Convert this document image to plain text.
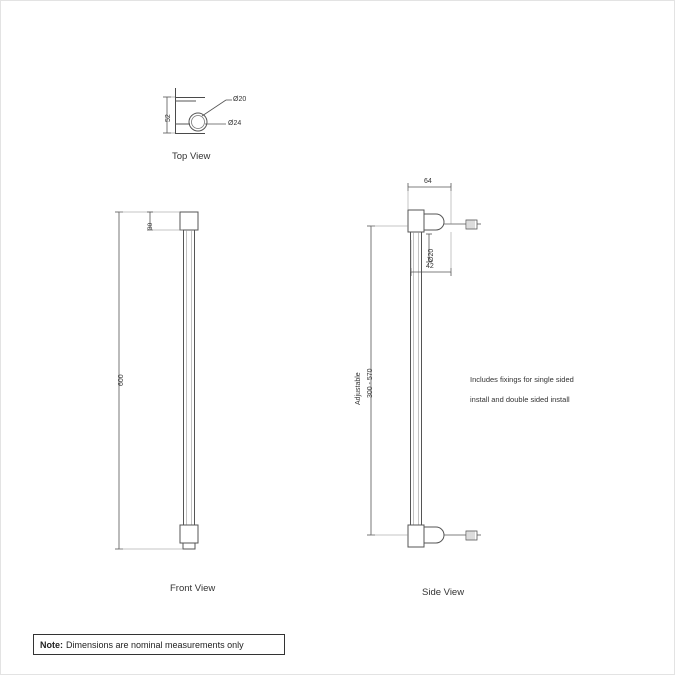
52
Ø20
Ø24
Top View
600
30
Front View
64
Ø20
42
Adjustable 300 - 570
Side View

Includes fixings for single sided

install and double sided install

Note: Dimensions are nominal measurements only
